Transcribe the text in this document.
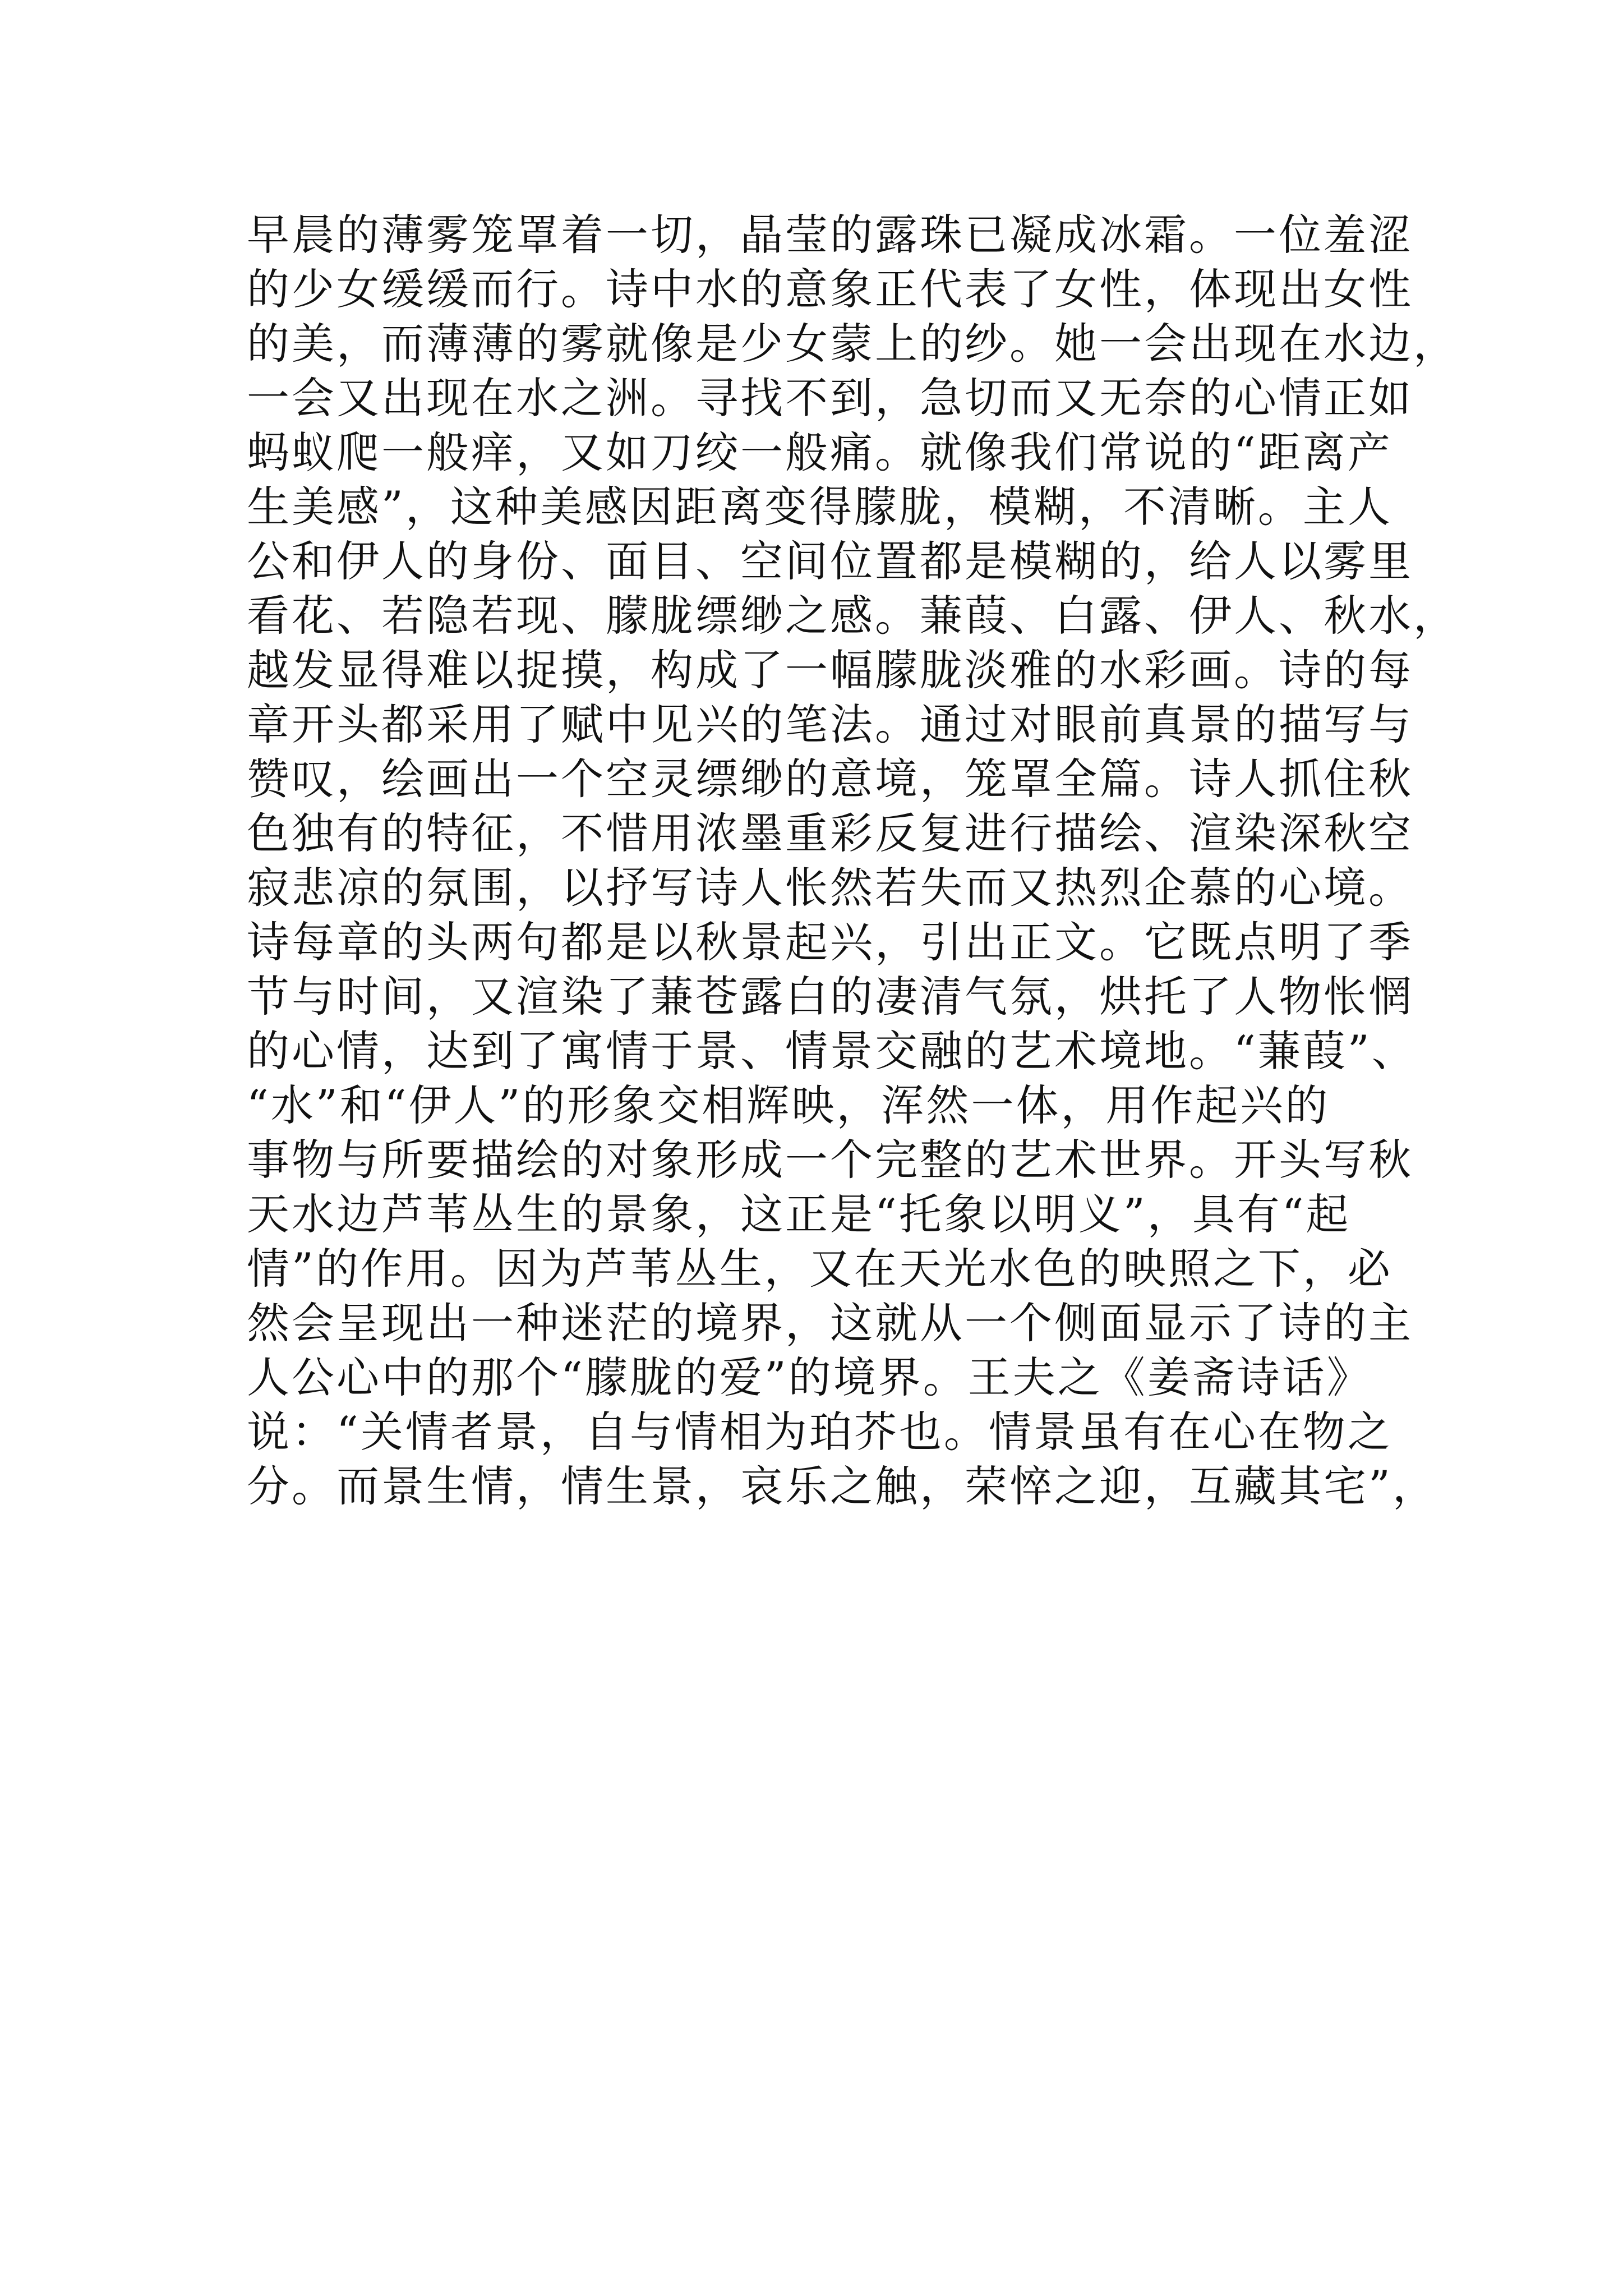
早晨的薄雾笼罩着一切，晶莹的露珠已凝成冰霜。一位羞涩

的少女缓缓而行。诗中水的意象正代表了女性，体现出女性

的美，而薄薄的雾就像是少女蒙上的纱。她一会出现在水边，

一会又出现在水之洲。寻找不到，急切而又无奈的心情正如

蚂蚁爬一般痒，又如刀绞一般痛。就像我们常说的“距离产

生美感”，这种美感因距离变得朦胧，模糊，不清晰。主人

公和伊人的身份、面目、空间位置都是模糊的，给人以雾里

看花、若隐若现、朦胧缥缈之感。蒹葭、白露、伊人、秋水，

越发显得难以捉摸，构成了一幅朦胧淡雅的水彩画。诗的每

章开头都采用了赋中见兴的笔法。通过对眼前真景的描写与

赞叹，绘画出一个空灵缥缈的意境，笼罩全篇。诗人抓住秋

色独有的特征，不惜用浓墨重彩反复进行描绘、渲染深秋空

寂悲凉的氛围，以抒写诗人怅然若失而又热烈企慕的心境。

诗每章的头两句都是以秋景起兴，引出正文。它既点明了季

节与时间，又渲染了蒹苍露白的凄清气氛，烘托了人物怅惘

的心情，达到了寓情于景、情景交融的艺术境地。“蒹葭”、

“水”和“伊人”的形象交相辉映，浑然一体，用作起兴的

事物与所要描绘的对象形成一个完整的艺术世界。开头写秋

天水边芦苇丛生的景象，这正是“托象以明义”，具有“起

情”的作用。因为芦苇丛生，又在天光水色的映照之下，必

然会呈现出一种迷茫的境界，这就从一个侧面显示了诗的主

人公心中的那个“朦胧的爱”的境界。王夫之《姜斋诗话》

说：“关情者景，自与情相为珀芥也。情景虽有在心在物之

分。而景生情，情生景，哀乐之触，荣悴之迎，互藏其宅”，
